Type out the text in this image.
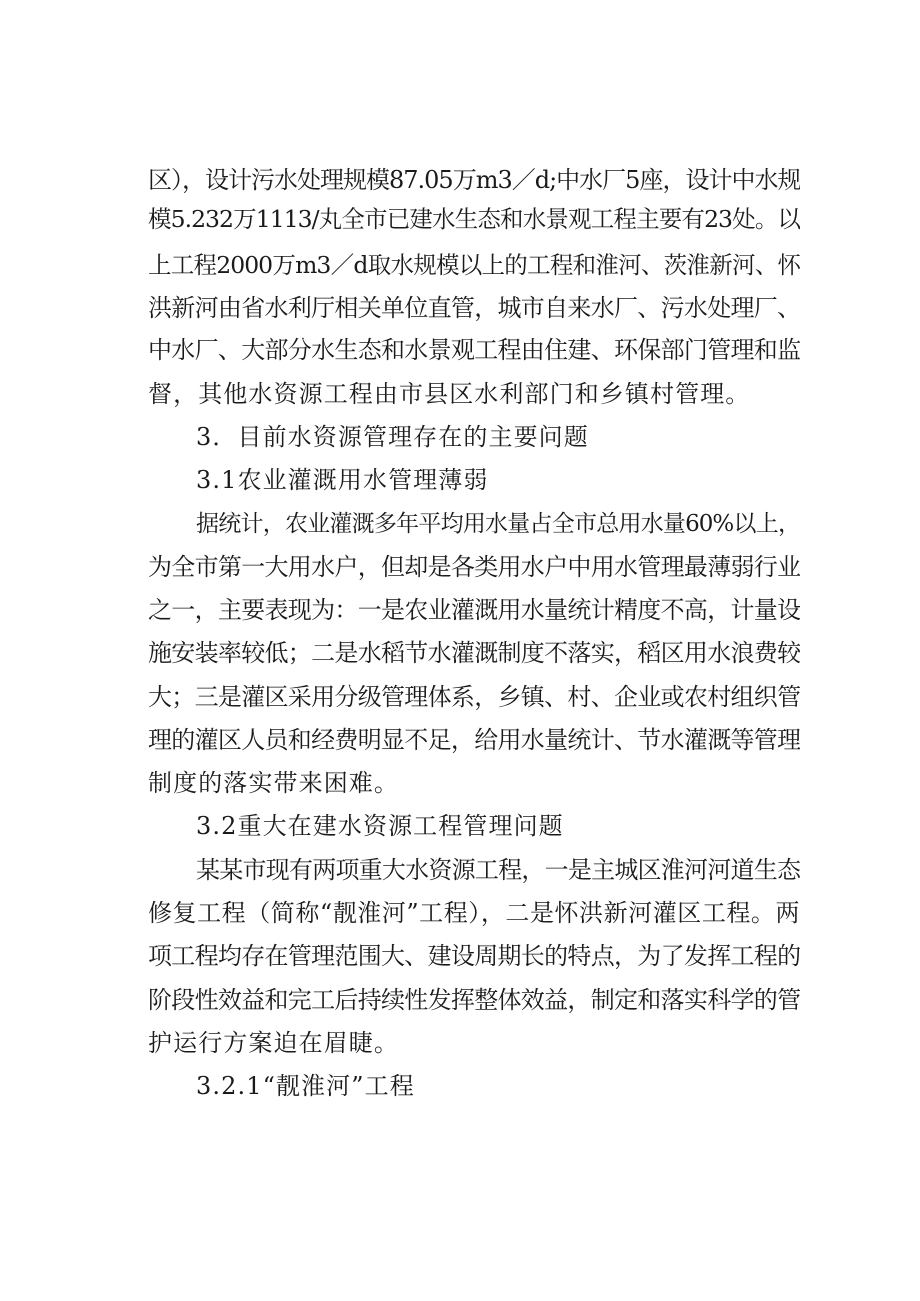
区），设计污水处理规模87.05万m3／d;中水厂5座，设计中水规
模5.232万1113/丸全市已建水生态和水景观工程主要有23处。以
上工程2000万m3／d取水规模以上的工程和淮河、茨淮新河、怀
洪新河由省水利厅相关单位直管，城市自来水厂、污水处理厂、
中水厂、大部分水生态和水景观工程由住建、环保部门管理和监
督，其他水资源工程由市县区水利部门和乡镇村管理。
3．目前水资源管理存在的主要问题
3.1农业灌溉用水管理薄弱
据统计，农业灌溉多年平均用水量占全市总用水量60%以上，
为全市第一大用水户，但却是各类用水户中用水管理最薄弱行业
之一，主要表现为：一是农业灌溉用水量统计精度不高，计量设
施安装率较低；二是水稻节水灌溉制度不落实，稻区用水浪费较
大；三是灌区采用分级管理体系，乡镇、村、企业或农村组织管
理的灌区人员和经费明显不足，给用水量统计、节水灌溉等管理
制度的落实带来困难。
3.2重大在建水资源工程管理问题
某某市现有两项重大水资源工程，一是主城区淮河河道生态
修复工程（简称“靓淮河”工程），二是怀洪新河灌区工程。两
项工程均存在管理范围大、建设周期长的特点，为了发挥工程的
阶段性效益和完工后持续性发挥整体效益，制定和落实科学的管
护运行方案迫在眉睫。
3.2.1“靓淮河”工程
